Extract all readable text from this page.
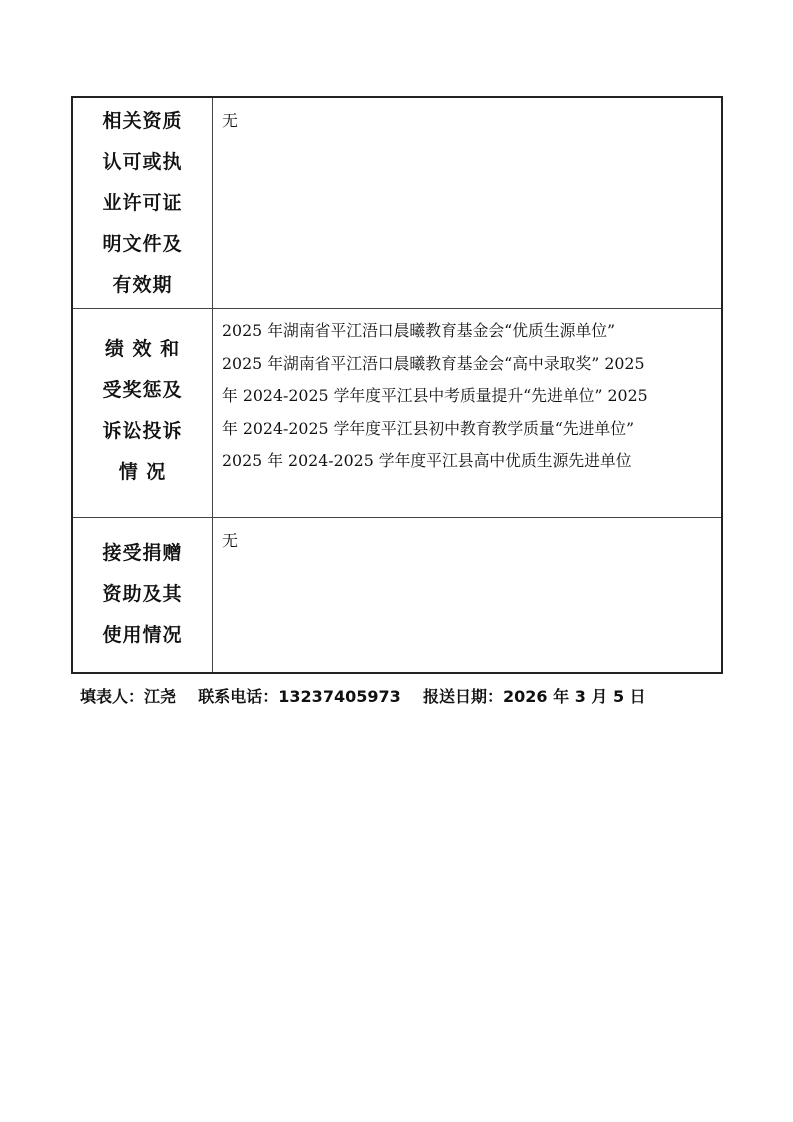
相关资质
认可或执
业许可证
明文件及
有效期
无
绩 效 和
受奖惩及
诉讼投诉
情 况
2025 年湖南省平江浯口晨曦教育基金会“优质生源单位”
2025 年湖南省平江浯口晨曦教育基金会“高中录取奖” 2025
年 2024-2025 学年度平江县中考质量提升“先进单位” 2025
年 2024-2025 学年度平江县初中教育教学质量“先进单位”
2025 年 2024-2025 学年度平江县高中优质生源先进单位
接受捐赠
资助及其
使用情况
无
填表人：江尧    联系电话：13237405973    报送日期：2026 年 3 月 5 日
